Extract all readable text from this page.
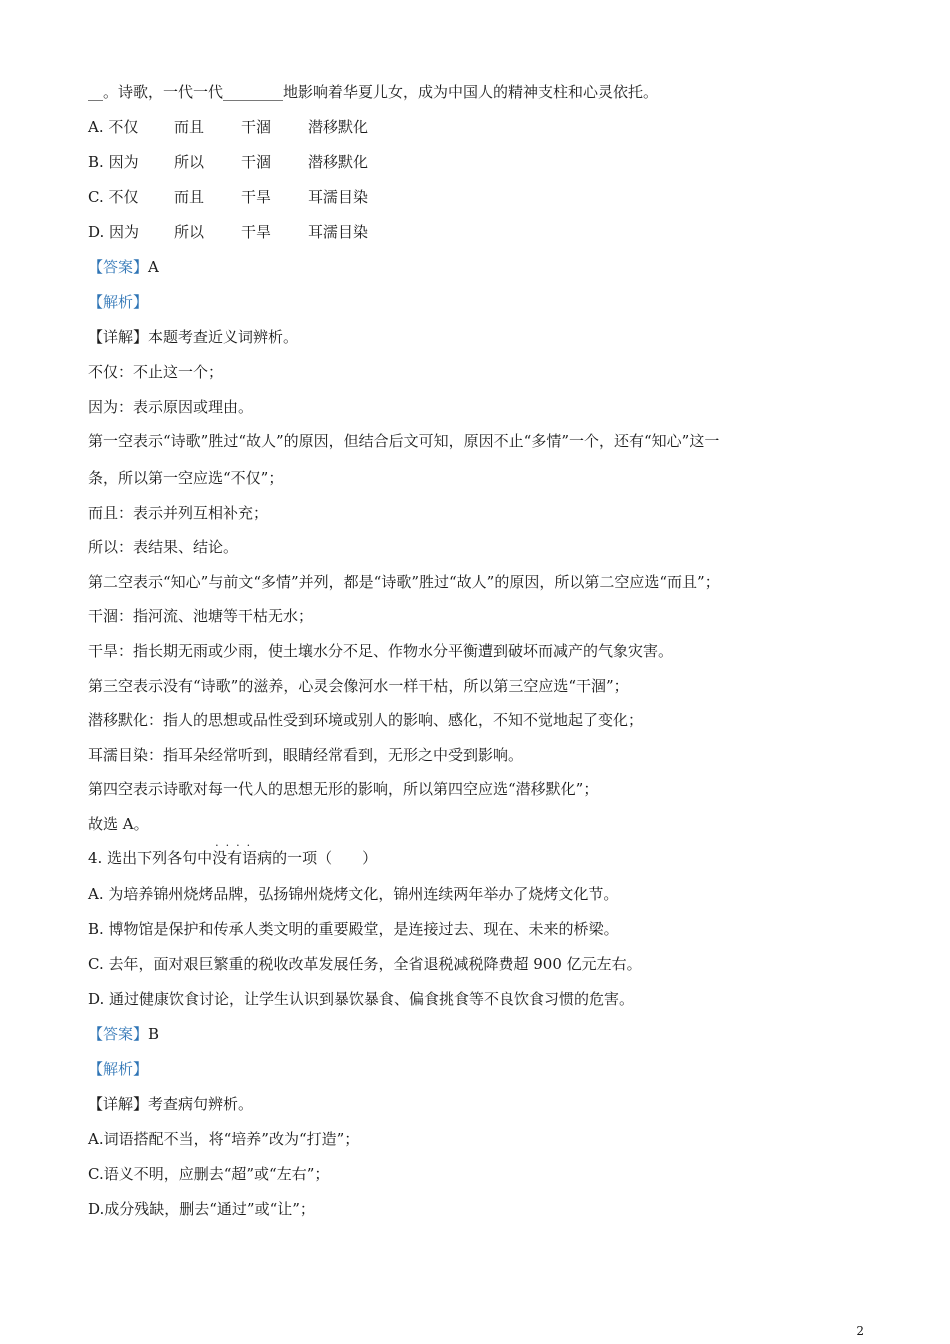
__。诗歌，一代一代________地影响着华夏儿女，成为中国人的精神支柱和心灵依托。
A. 不仅 而且 干涸 潜移默化
B. 因为 所以 干涸 潜移默化
C. 不仅 而且 干旱 耳濡目染
D. 因为 所以 干旱 耳濡目染
【答案】A
【解析】
【详解】本题考查近义词辨析。
不仅：不止这一个；
因为：表示原因或理由。
第一空表示“诗歌”胜过“故人”的原因，但结合后文可知，原因不止“多情”一个，还有“知心”这一
条，所以第一空应选“不仅”；
而且：表示并列互相补充；
所以：表结果、结论。
第二空表示“知心”与前文“多情”并列，都是“诗歌”胜过“故人”的原因，所以第二空应选“而且”；
干涸：指河流、池塘等干枯无水；
干旱：指长期无雨或少雨，使土壤水分不足、作物水分平衡遭到破坏而减产的气象灾害。
第三空表示没有“诗歌”的滋养，心灵会像河水一样干枯，所以第三空应选“干涸”；
潜移默化：指人的思想或品性受到环境或别人的影响、感化，不知不觉地起了变化；
耳濡目染：指耳朵经常听到，眼睛经常看到，无形之中受到影响。
第四空表示诗歌对每一代人的思想无形的影响，所以第四空应选“潜移默化”；
故选 A。
4. 选出下列各句中
····
没有语病的一项（　　）
A. 为培养锦州烧烤品牌，弘扬锦州烧烤文化，锦州连续两年举办了烧烤文化节。
B. 博物馆是保护和传承人类文明的重要殿堂，是连接过去、现在、未来的桥梁。
C. 去年，面对艰巨繁重的税收改革发展任务，全省退税减税降费超 900 亿元左右。
D. 通过健康饮食讨论，让学生认识到暴饮暴食、偏食挑食等不良饮食习惯的危害。
【答案】B
【解析】
【详解】考查病句辨析。
A.词语搭配不当，将“培养”改为“打造”；
C.语义不明，应删去“超”或“左右”；
D.成分残缺，删去“通过”或“让”；
2
